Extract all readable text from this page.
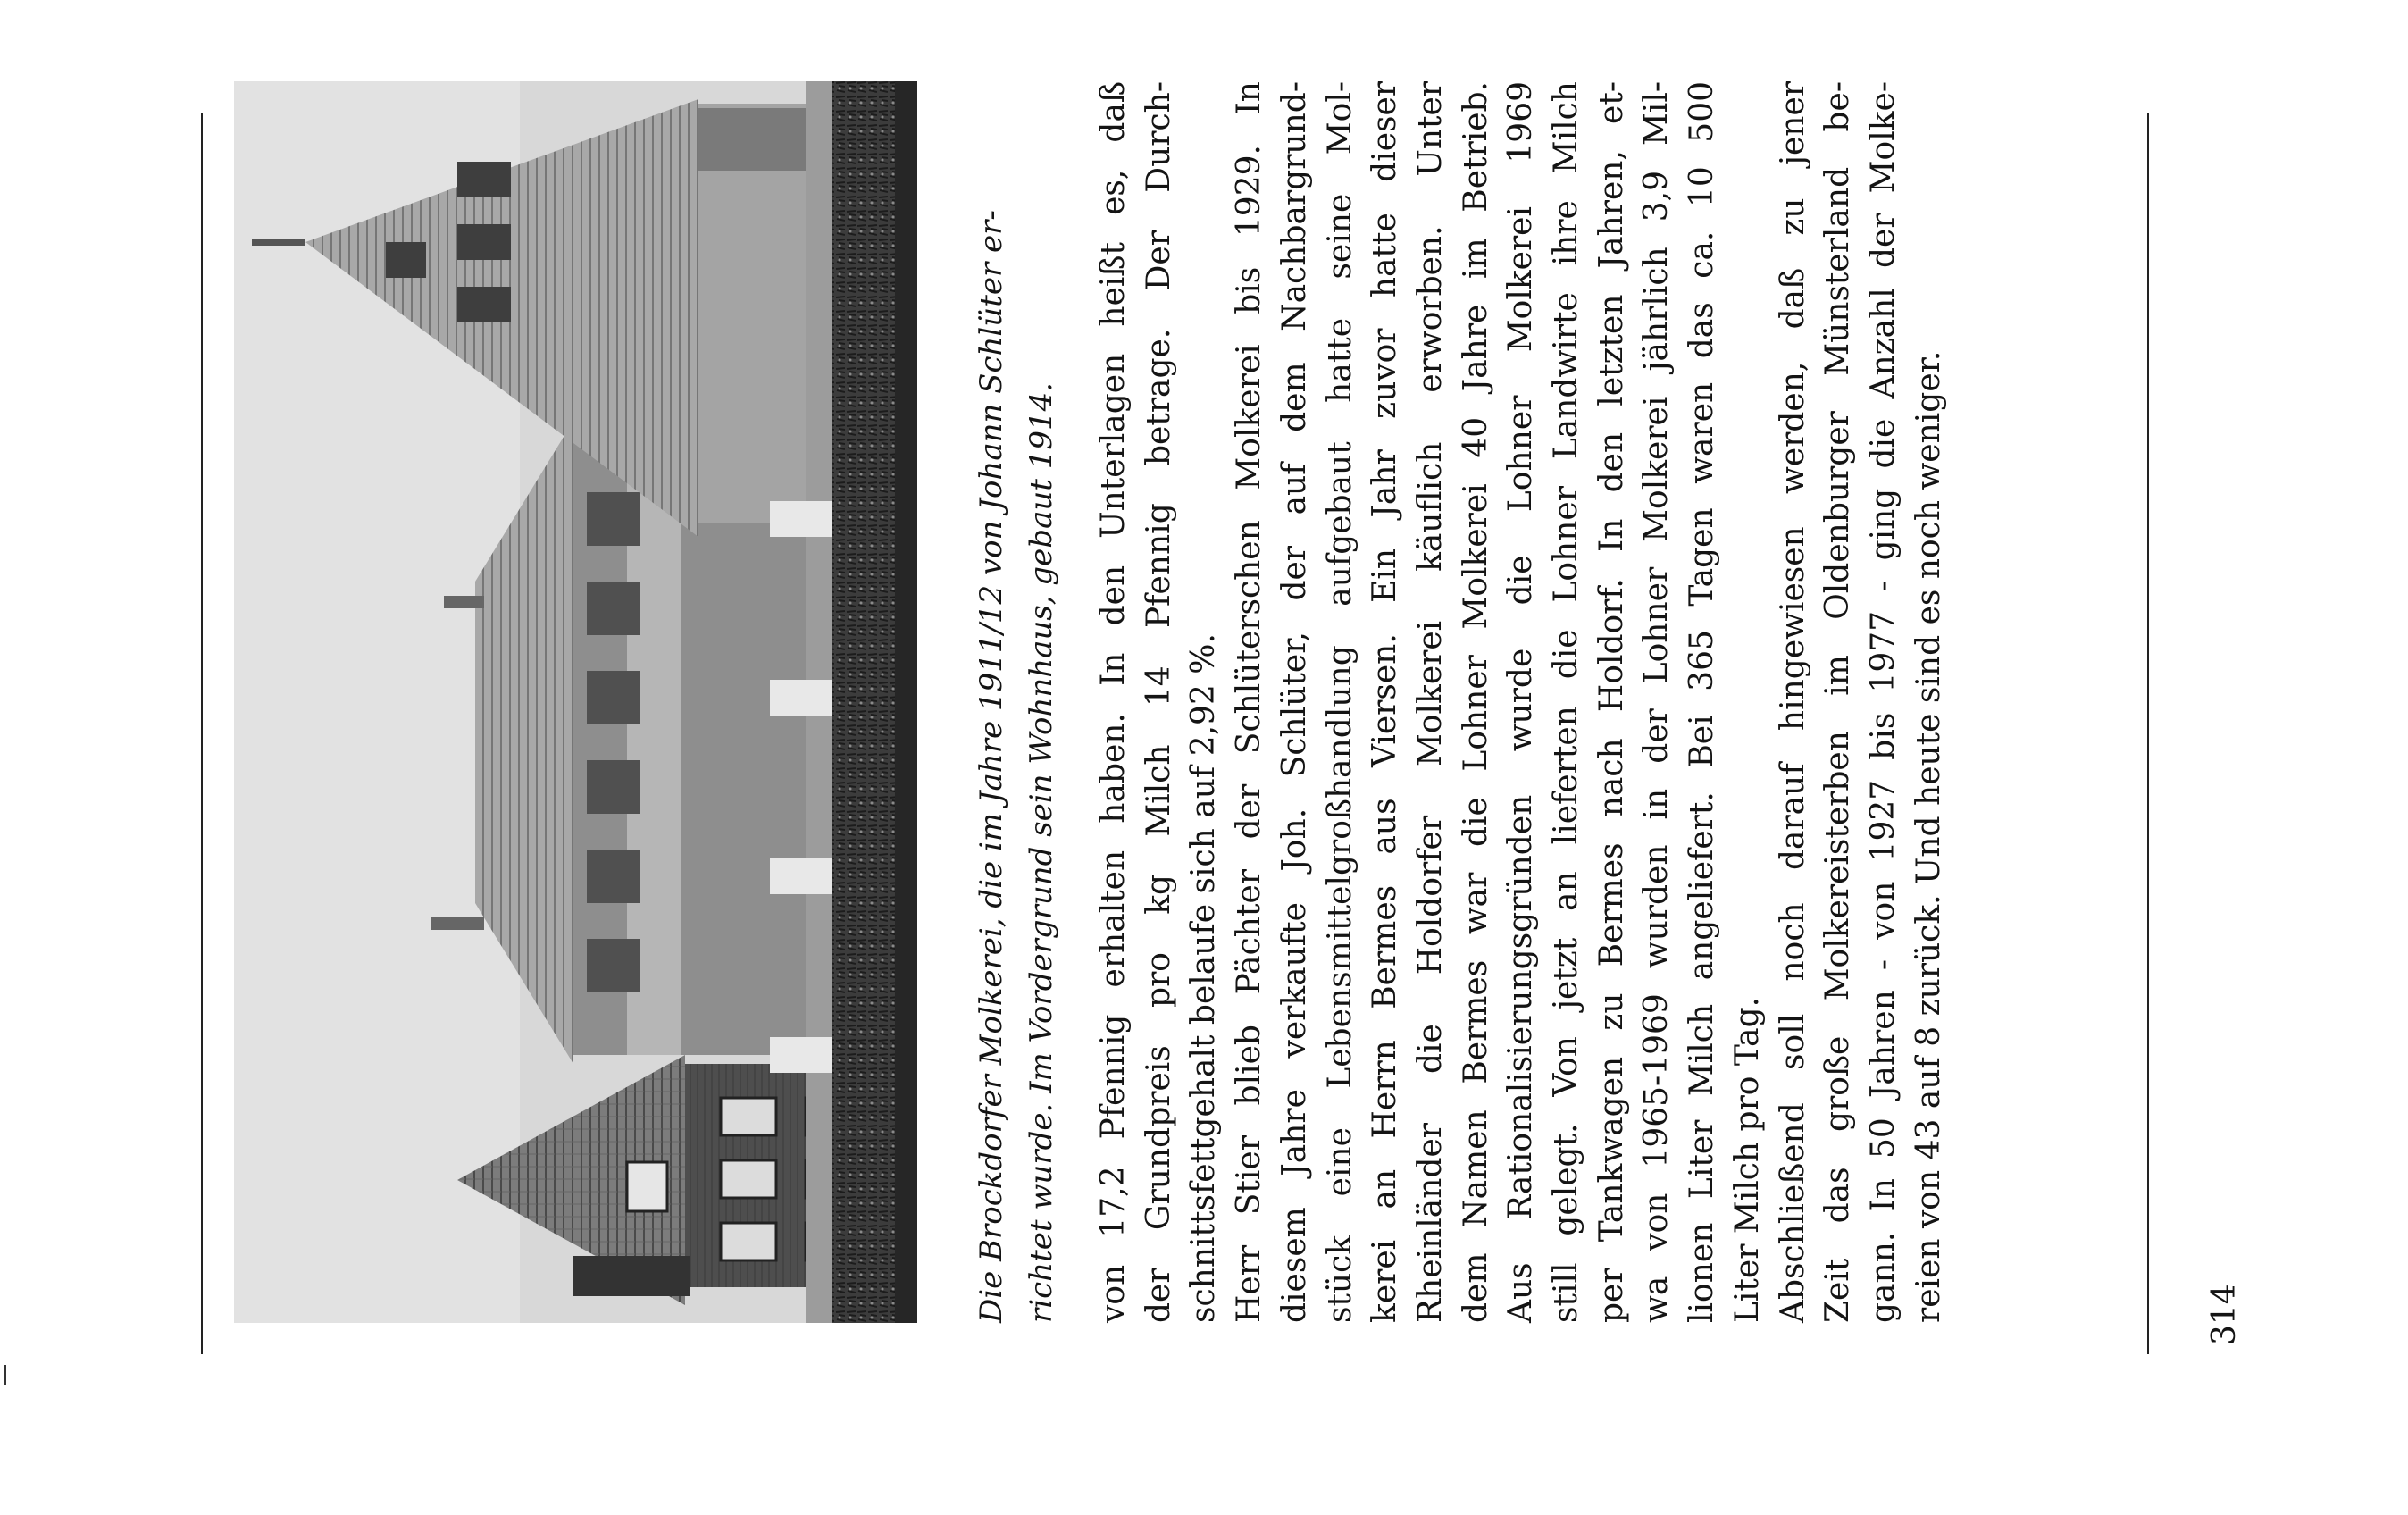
Die Brockdorfer Molkerei, die im Jahre 1911/12 von Johann Schlüter er- richtet wurde. Im Vordergrund sein Wohnhaus, gebaut 1914. von 17,2 Pfennig erhalten haben. In den Unterlagen heißt es, daß der Grundpreis pro kg Milch 14 Pfennig betrage. Der Durch- schnittsfettgehalt belaufe sich auf 2,92 %. Herr Stier blieb Pächter der Schlüterschen Molkerei bis 1929. In diesem Jahre verkaufte Joh. Schlüter, der auf dem Nachbargrund- stück eine Lebensmittelgroßhandlung aufgebaut hatte seine Mol- kerei an Herrn Bermes aus Viersen. Ein Jahr zuvor hatte dieser Rheinländer die Holdorfer Molkerei käuflich erworben. Unter dem Namen Bermes war die Lohner Molkerei 40 Jahre im Betrieb. Aus Rationalisierungsgründen wurde die Lohner Molkerei 1969 still gelegt. Von jetzt an lieferten die Lohner Landwirte ihre Milch per Tankwagen zu Bermes nach Holdorf. In den letzten Jahren, et- wa von 1965-1969 wurden in der Lohner Molkerei jährlich 3,9 Mil- lionen Liter Milch angeliefert. Bei 365 Tagen waren das ca. 10 500 Liter Milch pro Tag. Abschließend soll noch darauf hingewiesen werden, daß zu jener Zeit das große Molkereisterben im Oldenburger Münsterland be- gann. In 50 Jahren - von 1927 bis 1977 - ging die Anzahl der Molke- reien von 43 auf 8 zurück. Und heute sind es noch weniger.	314
